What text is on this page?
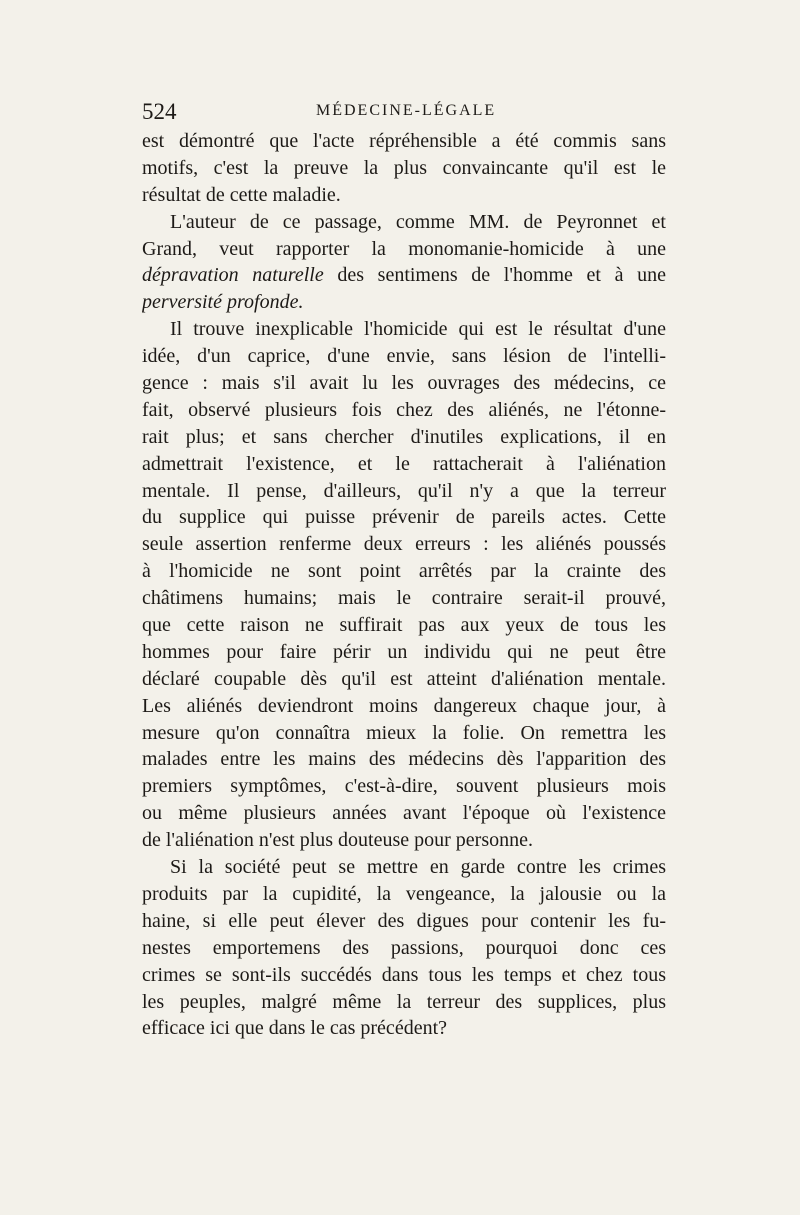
524	MÉDECINE-LÉGALE
est démontré que l'acte répréhensible a été commis sans
motifs, c'est la preuve la plus convaincante qu'il est le
résultat de cette maladie.
L'auteur de ce passage, comme MM. de Peyronnet et
Grand, veut rapporter la monomanie-homicide à une
dépravation naturelle des sentimens de l'homme et à une
perversité profonde.
Il trouve inexplicable l'homicide qui est le résultat d'une
idée, d'un caprice, d'une envie, sans lésion de l'intelli-
gence : mais s'il avait lu les ouvrages des médecins, ce
fait, observé plusieurs fois chez des aliénés, ne l'étonne-
rait plus; et sans chercher d'inutiles explications, il en
admettrait l'existence, et le rattacherait à l'aliénation
mentale. Il pense, d'ailleurs, qu'il n'y a que la terreur
du supplice qui puisse prévenir de pareils actes. Cette
seule assertion renferme deux erreurs : les aliénés poussés
à l'homicide ne sont point arrêtés par la crainte des
châtimens humains; mais le contraire serait-il prouvé,
que cette raison ne suffirait pas aux yeux de tous les
hommes pour faire périr un individu qui ne peut être
déclaré coupable dès qu'il est atteint d'aliénation mentale.
Les aliénés deviendront moins dangereux chaque jour, à
mesure qu'on connaîtra mieux la folie. On remettra les
malades entre les mains des médecins dès l'apparition des
premiers symptômes, c'est-à-dire, souvent plusieurs mois
ou même plusieurs années avant l'époque où l'existence
de l'aliénation n'est plus douteuse pour personne.
Si la société peut se mettre en garde contre les crimes
produits par la cupidité, la vengeance, la jalousie ou la
haine, si elle peut élever des digues pour contenir les fu-
nestes emportemens des passions, pourquoi donc ces
crimes se sont-ils succédés dans tous les temps et chez tous
les peuples, malgré même la terreur des supplices, plus
efficace ici que dans le cas précédent?
